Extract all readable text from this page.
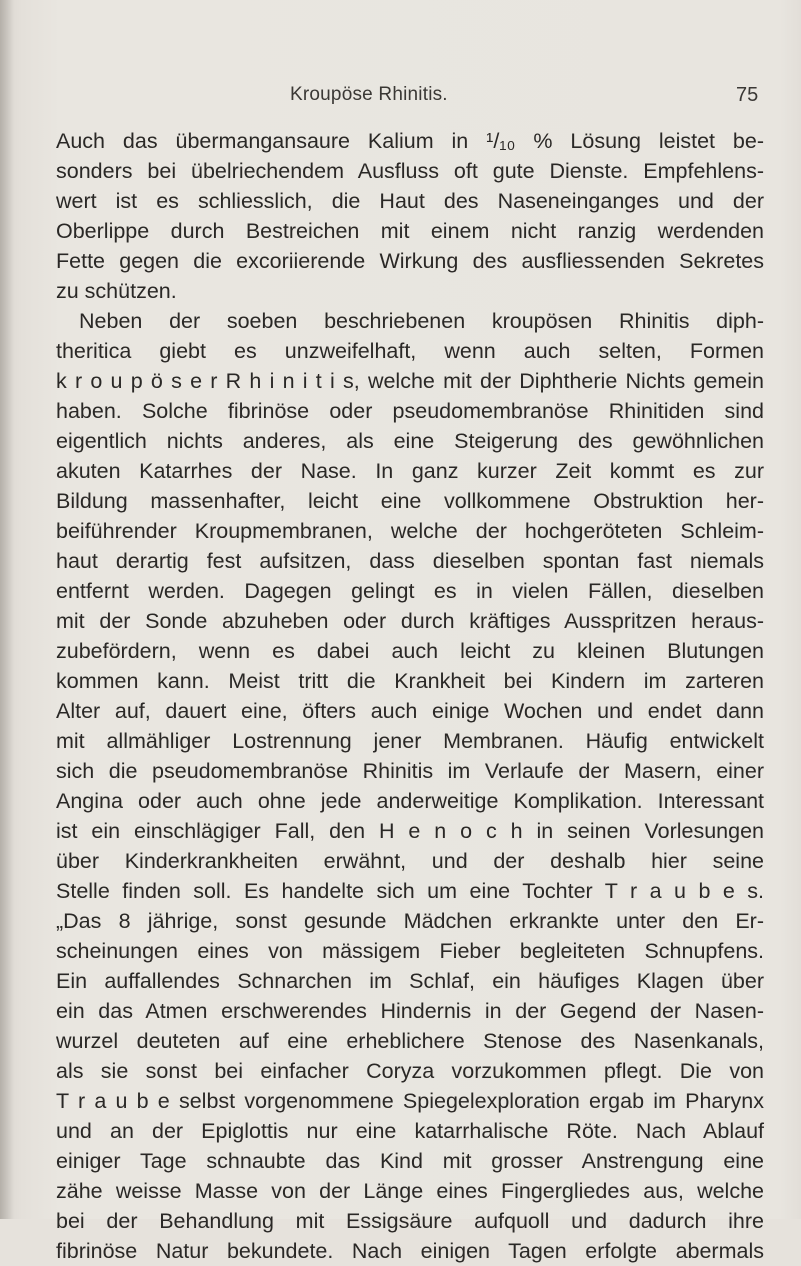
Kroupöse Rhinitis.	75
Auch das übermangansaure Kalium in ¹/₁₀ % Lösung leistet be-
sonders bei übelriechendem Ausfluss oft gute Dienste. Empfehlens-
wert ist es schliesslich, die Haut des Naseneinganges und der
Oberlippe durch Bestreichen mit einem nicht ranzig werdenden
Fette gegen die excoriierende Wirkung des ausfliessenden Sekretes
zu schützen.
Neben der soeben beschriebenen kroupösen Rhinitis diph-
theritica giebt es unzweifelhaft, wenn auch selten, Formen
k r o u p ö s e r R h i n i t i s, welche mit der Diphtherie Nichts gemein
haben. Solche fibrinöse oder pseudomembranöse Rhinitiden sind
eigentlich nichts anderes, als eine Steigerung des gewöhnlichen
akuten Katarrhes der Nase. In ganz kurzer Zeit kommt es zur
Bildung massenhafter, leicht eine vollkommene Obstruktion her-
beiführender Kroupmembranen, welche der hochgeröteten Schleim-
haut derartig fest aufsitzen, dass dieselben spontan fast niemals
entfernt werden. Dagegen gelingt es in vielen Fällen, dieselben
mit der Sonde abzuheben oder durch kräftiges Ausspritzen heraus-
zubefördern, wenn es dabei auch leicht zu kleinen Blutungen
kommen kann. Meist tritt die Krankheit bei Kindern im zarteren
Alter auf, dauert eine, öfters auch einige Wochen und endet dann
mit allmähliger Lostrennung jener Membranen. Häufig entwickelt
sich die pseudomembranöse Rhinitis im Verlaufe der Masern, einer
Angina oder auch ohne jede anderweitige Komplikation. Interessant
ist ein einschlägiger Fall, den H e n o c h in seinen Vorlesungen
über Kinderkrankheiten erwähnt, und der deshalb hier seine
Stelle finden soll. Es handelte sich um eine Tochter T r a u b e s.
„Das 8 jährige, sonst gesunde Mädchen erkrankte unter den Er-
scheinungen eines von mässigem Fieber begleiteten Schnupfens.
Ein auffallendes Schnarchen im Schlaf, ein häufiges Klagen über
ein das Atmen erschwerendes Hindernis in der Gegend der Nasen-
wurzel deuteten auf eine erheblichere Stenose des Nasenkanals,
als sie sonst bei einfacher Coryza vorzukommen pflegt. Die von
T r a u b e selbst vorgenommene Spiegelexploration ergab im Pharynx
und an der Epiglottis nur eine katarrhalische Röte. Nach Ablauf
einiger Tage schnaubte das Kind mit grosser Anstrengung eine
zähe weisse Masse von der Länge eines Fingergliedes aus, welche
bei der Behandlung mit Essigsäure aufquoll und dadurch ihre
fibrinöse Natur bekundete. Nach einigen Tagen erfolgte abermals
